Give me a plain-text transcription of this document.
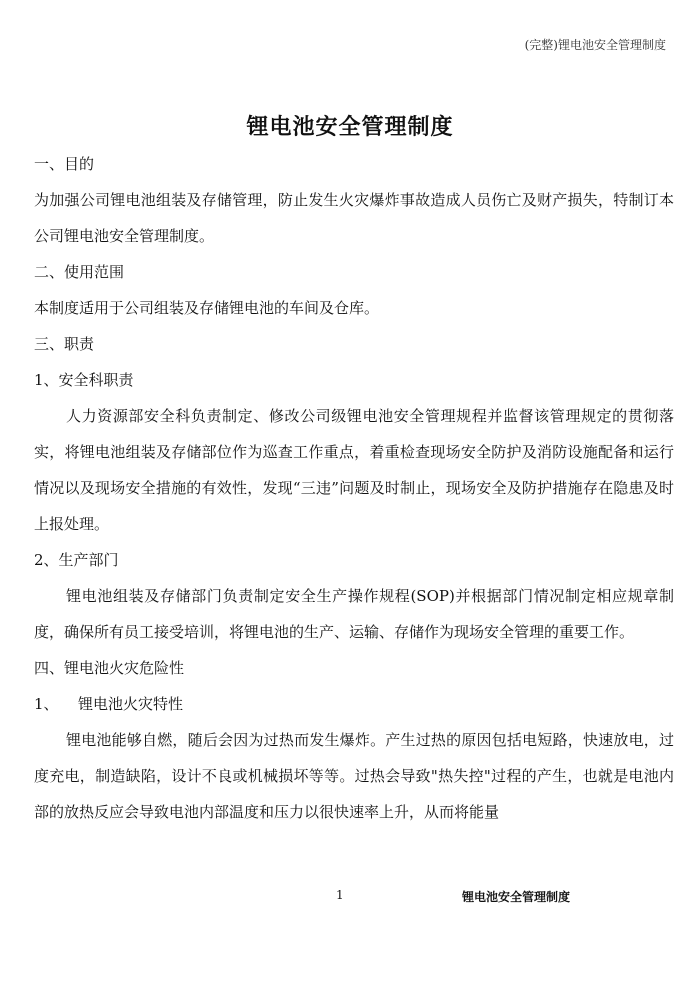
(完整)锂电池安全管理制度
锂电池安全管理制度

一、目的

为加强公司锂电池组装及存储管理，防止发生火灾爆炸事故造成人员伤亡及财产损失，特制订本公司锂电池安全管理制度。

二、使用范围

本制度适用于公司组装及存储锂电池的车间及仓库。

三、职责

1、安全科职责

人力资源部安全科负责制定、修改公司级锂电池安全管理规程并监督该管理规定的贯彻落实，将锂电池组装及存储部位作为巡查工作重点，着重检查现场安全防护及消防设施配备和运行情况以及现场安全措施的有效性，发现“三违”问题及时制止，现场安全及防护措施存在隐患及时上报处理。

2、生产部门

锂电池组装及存储部门负责制定安全生产操作规程(SOP)并根据部门情况制定相应规章制度，确保所有员工接受培训，将锂电池的生产、运输、存储作为现场安全管理的重要工作。

四、锂电池火灾危险性

1、 锂电池火灾特性

锂电池能够自燃，随后会因为过热而发生爆炸。产生过热的原因包括电短路，快速放电，过度充电，制造缺陷，设计不良或机械损坏等等。过热会导致"热失控"过程的产生，也就是电池内部的放热反应会导致电池内部温度和压力以很快速率上升，从而将能量

1	锂电池安全管理制度
